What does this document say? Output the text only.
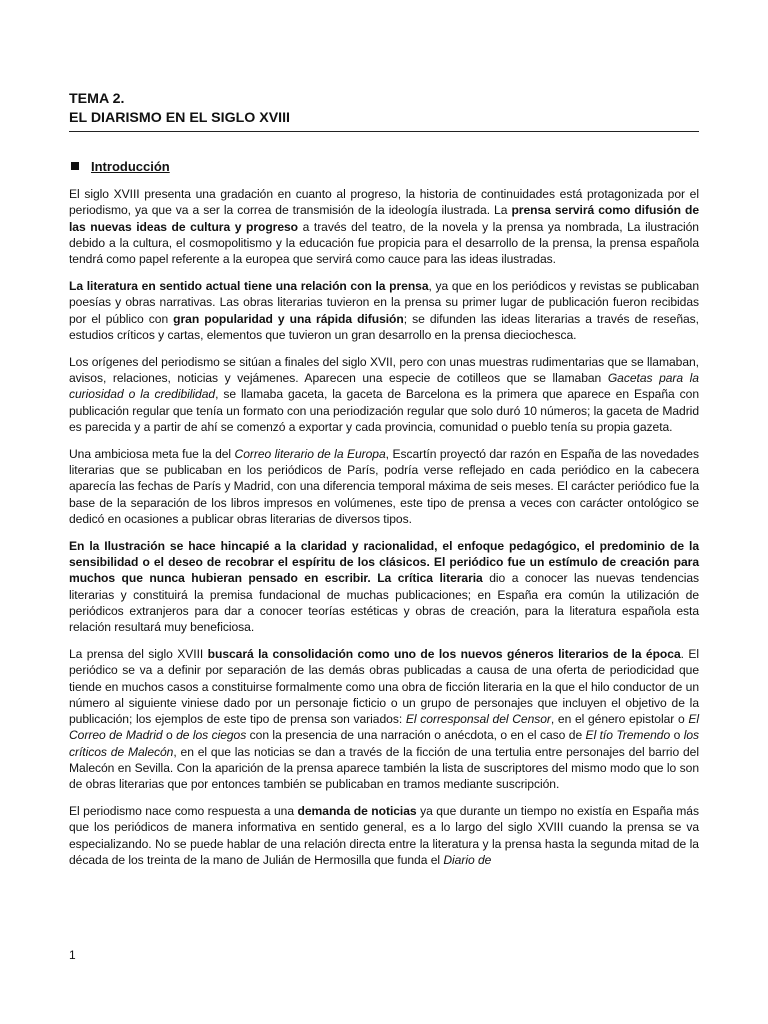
TEMA 2.
EL DIARISMO EN EL SIGLO XVIII
Introducción

El siglo XVIII presenta una gradación en cuanto al progreso, la historia de continuidades está protagonizada por el periodismo, ya que va a ser la correa de transmisión de la ideología ilustrada. La prensa servirá como difusión de las nuevas ideas de cultura y progreso a través del teatro, de la novela y la prensa ya nombrada, La ilustración debido a la cultura, el cosmopolitismo y la educación fue propicia para el desarrollo de la prensa, la prensa española tendrá como papel referente a la europea que servirá como cauce para las ideas ilustradas.

La literatura en sentido actual tiene una relación con la prensa, ya que en los periódicos y revistas se publicaban poesías y obras narrativas. Las obras literarias tuvieron en la prensa su primer lugar de publicación fueron recibidas por el público con gran popularidad y una rápida difusión; se difunden las ideas literarias a través de reseñas, estudios críticos y cartas, elementos que tuvieron un gran desarrollo en la prensa dieciochesca.

Los orígenes del periodismo se sitúan a finales del siglo XVII, pero con unas muestras rudimentarias que se llamaban, avisos, relaciones, noticias y vejámenes. Aparecen una especie de cotilleos que se llamaban Gacetas para la curiosidad o la credibilidad, se llamaba gaceta, la gaceta de Barcelona es la primera que aparece en España con publicación regular que tenía un formato con una periodización regular que solo duró 10 números; la gaceta de Madrid es parecida y a partir de ahí se comenzó a exportar y cada provincia, comunidad o pueblo tenía su propia gazeta.

Una ambiciosa meta fue la del Correo literario de la Europa, Escartín proyectó dar razón en España de las novedades literarias que se publicaban en los periódicos de París, podría verse reflejado en cada periódico en la cabecera aparecía las fechas de París y Madrid, con una diferencia temporal máxima de seis meses. El carácter periódico fue la base de la separación de los libros impresos en volúmenes, este tipo de prensa a veces con carácter ontológico se dedicó en ocasiones a publicar obras literarias de diversos tipos.

En la Ilustración se hace hincapié a la claridad y racionalidad, el enfoque pedagógico, el predominio de la sensibilidad o el deseo de recobrar el espíritu de los clásicos. El periódico fue un estímulo de creación para muchos que nunca hubieran pensado en escribir. La crítica literaria dio a conocer las nuevas tendencias literarias y constituirá la premisa fundacional de muchas publicaciones; en España era común la utilización de periódicos extranjeros para dar a conocer teorías estéticas y obras de creación, para la literatura española esta relación resultará muy beneficiosa.

La prensa del siglo XVIII buscará la consolidación como uno de los nuevos géneros literarios de la época. El periódico se va a definir por separación de las demás obras publicadas a causa de una oferta de periodicidad que tiende en muchos casos a constituirse formalmente como una obra de ficción literaria en la que el hilo conductor de un número al siguiente viniese dado por un personaje ficticio o un grupo de personajes que incluyen el objetivo de la publicación; los ejemplos de este tipo de prensa son variados: El corresponsal del Censor, en el género epistolar o El Correo de Madrid o de los ciegos con la presencia de una narración o anécdota, o en el caso de El tío Tremendo o los críticos de Malecón, en el que las noticias se dan a través de la ficción de una tertulia entre personajes del barrio del Malecón en Sevilla. Con la aparición de la prensa aparece también la lista de suscriptores del mismo modo que lo son de obras literarias que por entonces también se publicaban en tramos mediante suscripción.

El periodismo nace como respuesta a una demanda de noticias ya que durante un tiempo no existía en España más que los periódicos de manera informativa en sentido general, es a lo largo del siglo XVIII cuando la prensa se va especializando. No se puede hablar de una relación directa entre la literatura y la prensa hasta la segunda mitad de la década de los treinta de la mano de Julián de Hermosilla que funda el Diario de

1
